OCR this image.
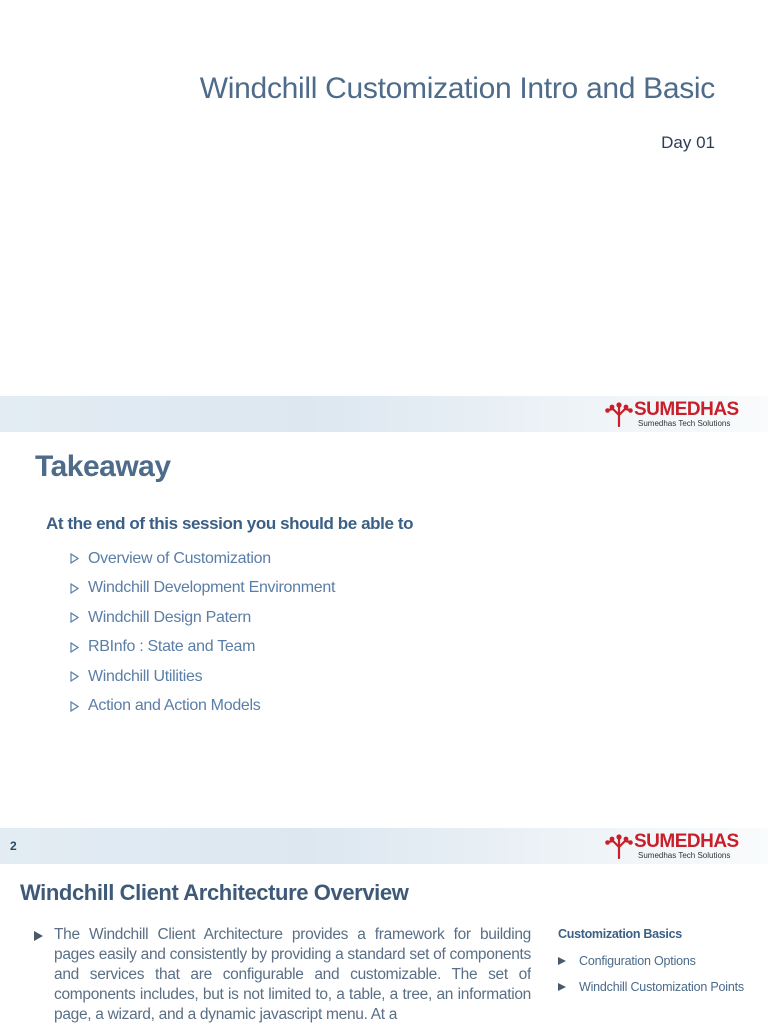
Windchill Customization Intro and Basic
Day 01
SUMEDHAS
Sumedhas Tech Solutions
Takeaway
At the end of this session you should be able to
Overview of Customization
Windchill Development Environment
Windchill Design Patern
RBInfo : State and Team
Windchill Utilities
Action and Action Models
2	SUMEDHAS
Sumedhas Tech Solutions
Windchill Client Architecture Overview

The Windchill Client Architecture provides a framework for building pages easily and consistently by providing a standard set of components and services that are configurable and customizable. The set of components includes, but is not limited to, a table, a tree, an information page, a wizard, and a dynamic javascript menu. At a

Customization Basics
Configuration Options
Windchill Customization Points
